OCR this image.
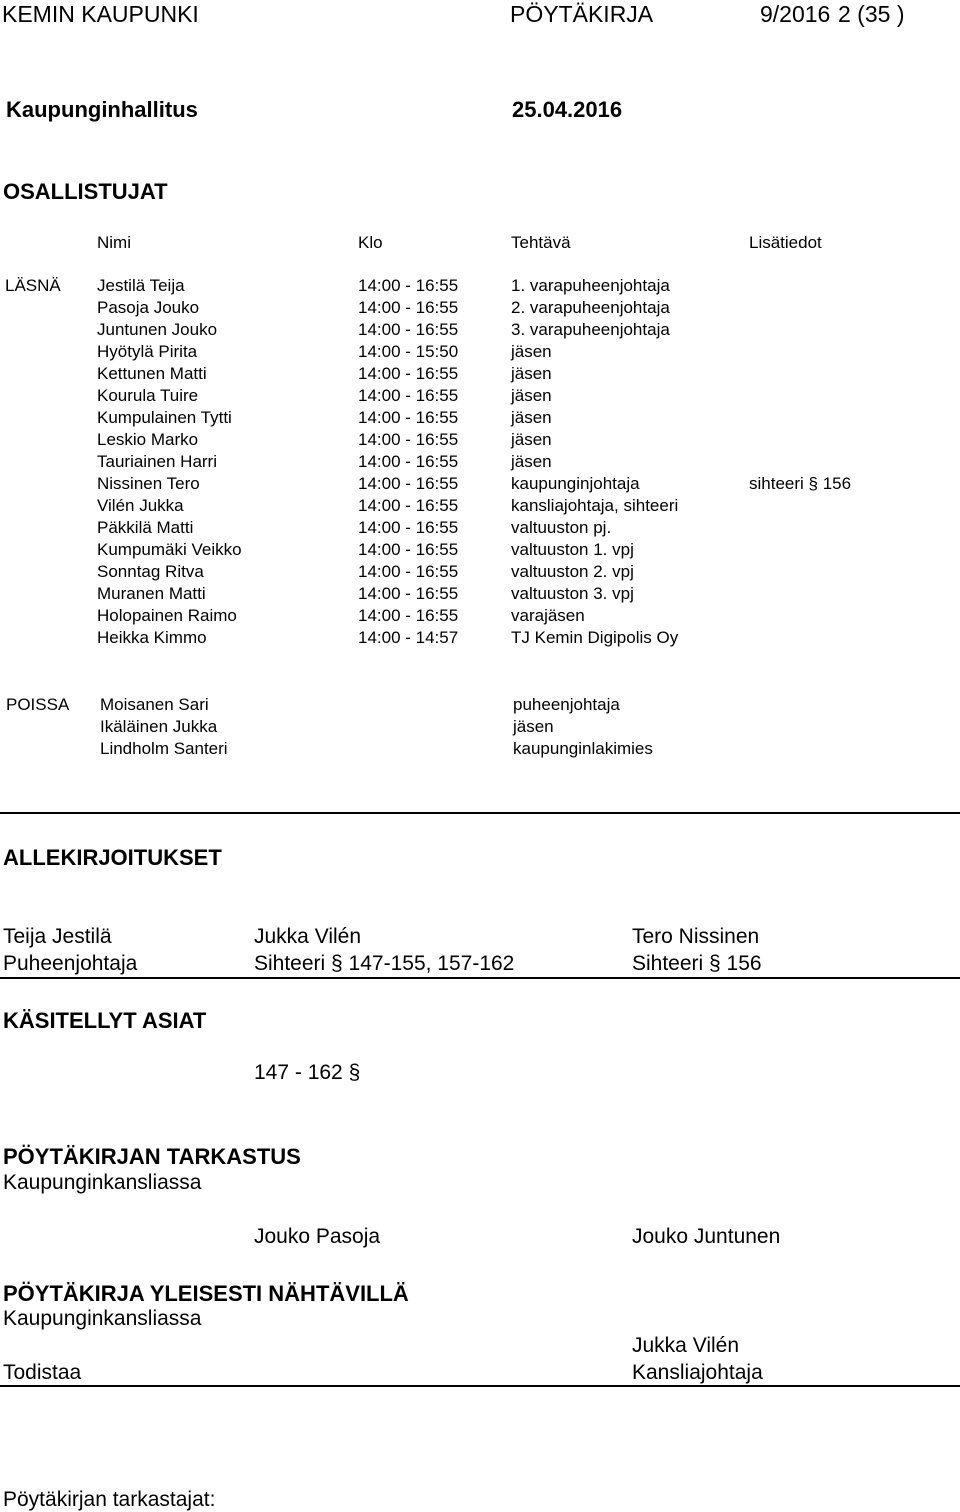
KEMIN KAUPUNKI	PÖYTÄKIRJA	9/2016 2 (35 )
Kaupunginhallitus	25.04.2016
OSALLISTUJAT
Nimi	Klo	Tehtävä	Lisätiedot
LÄSNÄ Jestilä Teija	14:00 - 16:55	1. varapuheenjohtaja
Pasoja Jouko	14:00 - 16:55	2. varapuheenjohtaja
Juntunen Jouko	14:00 - 16:55	3. varapuheenjohtaja
Hyötylä Pirita	14:00 - 15:50	jäsen
Kettunen Matti	14:00 - 16:55	jäsen
Kourula Tuire	14:00 - 16:55	jäsen
Kumpulainen Tytti	14:00 - 16:55	jäsen
Leskio Marko	14:00 - 16:55	jäsen
Tauriainen Harri	14:00 - 16:55	jäsen
Nissinen Tero	14:00 - 16:55	kaupunginjohtaja	sihteeri § 156
Vilén Jukka	14:00 - 16:55	kansliajohtaja, sihteeri
Päkkilä Matti	14:00 - 16:55	valtuuston pj.
Kumpumäki Veikko	14:00 - 16:55	valtuuston 1. vpj
Sonntag Ritva	14:00 - 16:55	valtuuston 2. vpj
Muranen Matti	14:00 - 16:55	valtuuston 3. vpj
Holopainen Raimo	14:00 - 16:55	varajäsen
Heikka Kimmo	14:00 - 14:57	TJ Kemin Digipolis Oy
POISSA Moisanen Sari	puheenjohtaja
Ikäläinen Jukka	jäsen
Lindholm Santeri	kaupunginlakimies
ALLEKIRJOITUKSET
Teija Jestilä	Jukka Vilén	Tero Nissinen
Puheenjohtaja	Sihteeri § 147-155, 157-162	Sihteeri § 156
KÄSITELLYT ASIAT
147 - 162 §
PÖYTÄKIRJAN TARKASTUS
Kaupunginkansliassa
Jouko Pasoja	Jouko Juntunen
PÖYTÄKIRJA YLEISESTI NÄHTÄVILLÄ
Kaupunginkansliassa
Jukka Vilén
Todistaa	Kansliajohtaja
Pöytäkirjan tarkastajat:
